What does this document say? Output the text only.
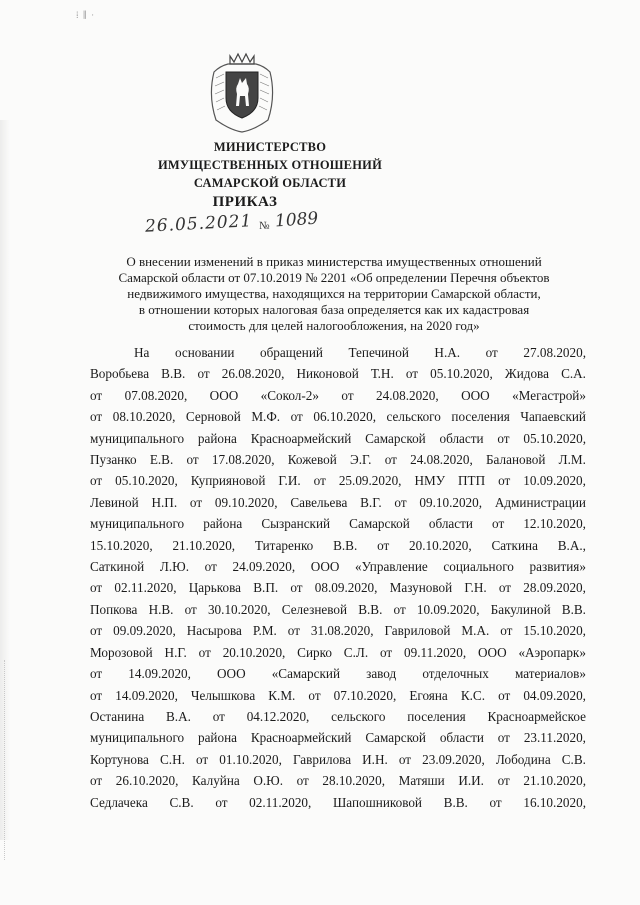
⁞ ∥ ·
МИНИСТЕРСТВО
ИМУЩЕСТВЕННЫХ ОТНОШЕНИЙ
САМАРСКОЙ ОБЛАСТИ
ПРИКАЗ
26.05.2021 № 1089
О внесении изменений в приказ министерства имущественных отношений
Самарской области от 07.10.2019 № 2201 «Об определении Перечня объектов
недвижимого имущества, находящихся на территории Самарской области,
в отношении которых налоговая база определяется как их кадастровая
стоимость для целей налогообложения, на 2020 год»
На основании обращений Тепечиной Н.А. от 27.08.2020,
Воробьева В.В. от 26.08.2020, Никоновой Т.Н. от 05.10.2020, Жидова С.А.
от 07.08.2020, ООО «Сокол-2» от 24.08.2020, ООО «Мегастрой»
от 08.10.2020, Серновой М.Ф. от 06.10.2020, сельского поселения Чапаевский
муниципального района Красноармейский Самарской области от 05.10.2020,
Пузанко Е.В. от 17.08.2020, Кожевой Э.Г. от 24.08.2020, Балановой Л.М.
от 05.10.2020, Куприяновой Г.И. от 25.09.2020, НМУ ПТП от 10.09.2020,
Левиной Н.П. от 09.10.2020, Савельева В.Г. от 09.10.2020, Администрации
муниципального района Сызранский Самарской области от 12.10.2020,
15.10.2020, 21.10.2020, Титаренко В.В. от 20.10.2020, Саткина В.А.,
Саткиной Л.Ю. от 24.09.2020, ООО «Управление социального развития»
от 02.11.2020, Царькова В.П. от 08.09.2020, Мазуновой Г.Н. от 28.09.2020,
Попкова Н.В. от 30.10.2020, Селезневой В.В. от 10.09.2020, Бакулиной В.В.
от 09.09.2020, Насырова Р.М. от 31.08.2020, Гавриловой М.А. от 15.10.2020,
Морозовой Н.Г. от 20.10.2020, Сирко С.Л. от 09.11.2020, ООО «Аэропарк»
от 14.09.2020, ООО «Самарский завод отделочных материалов»
от 14.09.2020, Челышкова К.М. от 07.10.2020, Егояна К.С. от 04.09.2020,
Останина В.А. от 04.12.2020, сельского поселения Красноармейское
муниципального района Красноармейский Самарской области от 23.11.2020,
Кортунова С.Н. от 01.10.2020, Гаврилова И.Н. от 23.09.2020, Лободина С.В.
от 26.10.2020, Калуйна О.Ю. от 28.10.2020, Матяши И.И. от 21.10.2020,
Седлачека С.В. от 02.11.2020, Шапошниковой В.В. от 16.10.2020,
